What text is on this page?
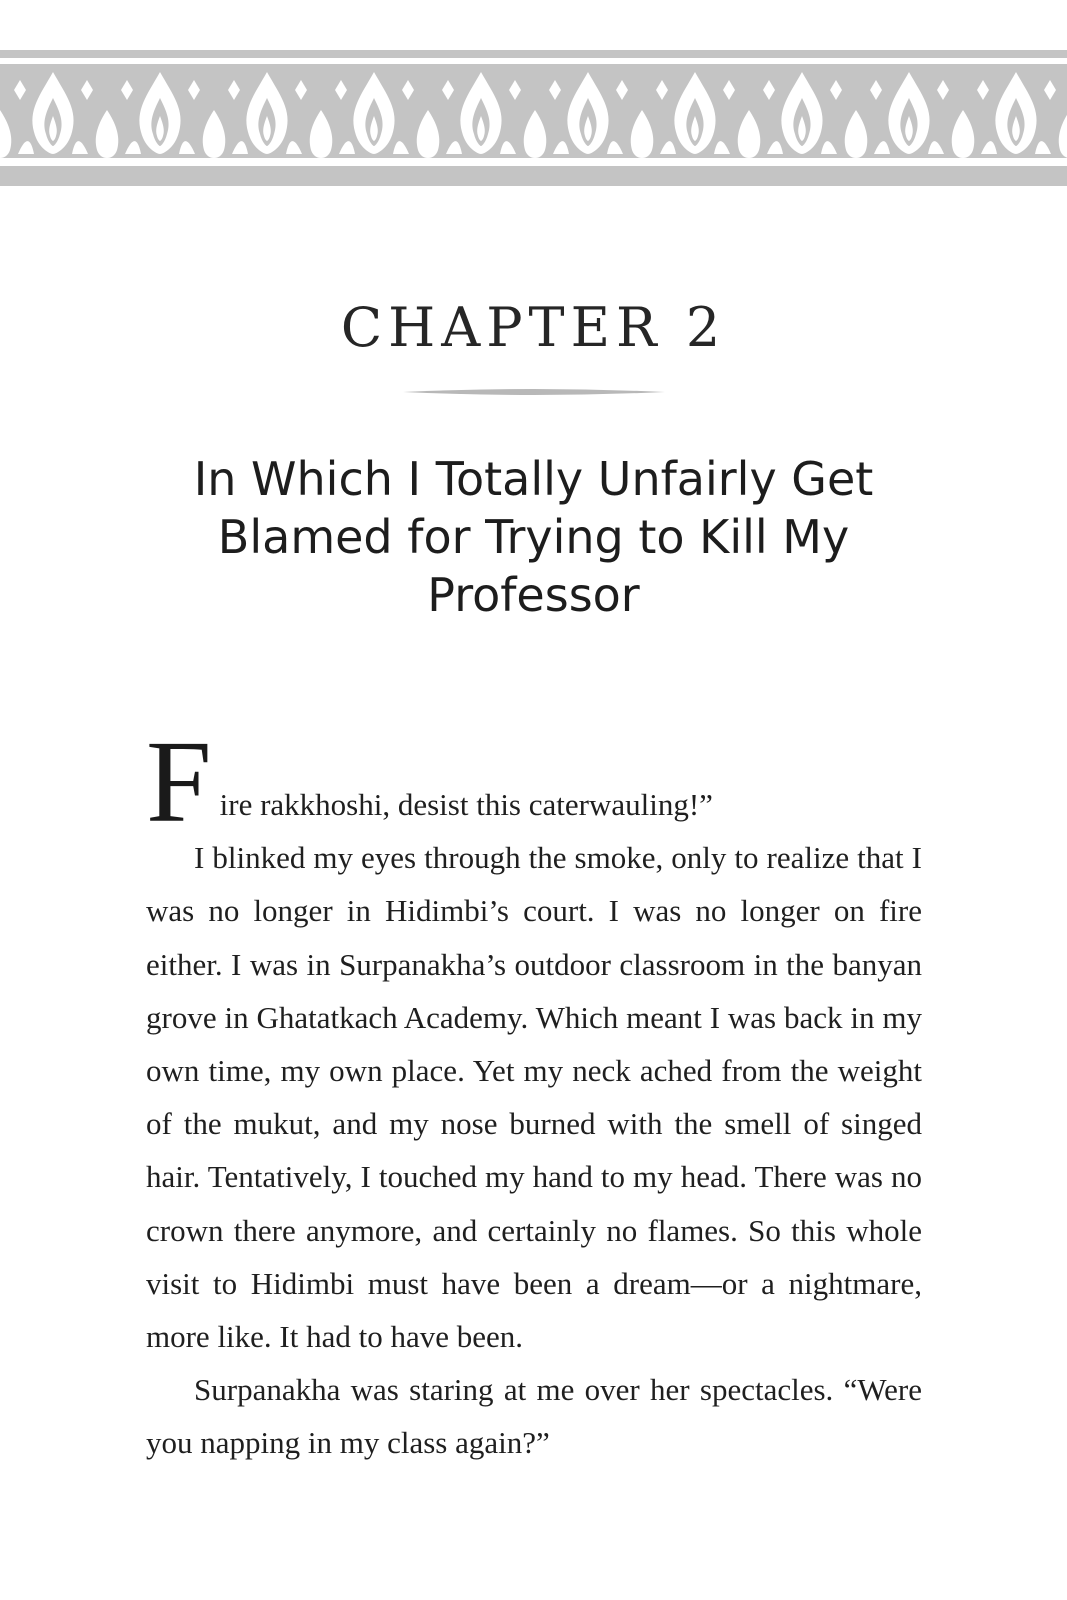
CHAPTER 2
In Which I Totally Unfairly Get Blamed for Trying to Kill My Professor

F ire rakkhoshi, desist this caterwauling!”

I blinked my eyes through the smoke, only to realize that I was no longer in Hidimbi’s court. I was no longer on fire either. I was in Surpanakha’s outdoor classroom in the banyan grove in Ghatatkach Academy. Which meant I was back in my own time, my own place. Yet my neck ached from the weight of the mukut, and my nose burned with the smell of singed hair. Tentatively, I touched my hand to my head. There was no crown there anymore, and certainly no flames. So this whole visit to Hidimbi must have been a dream—or a nightmare, more like. It had to have been.

Surpanakha was staring at me over her spectacles. “Were you napping in my class again?”
